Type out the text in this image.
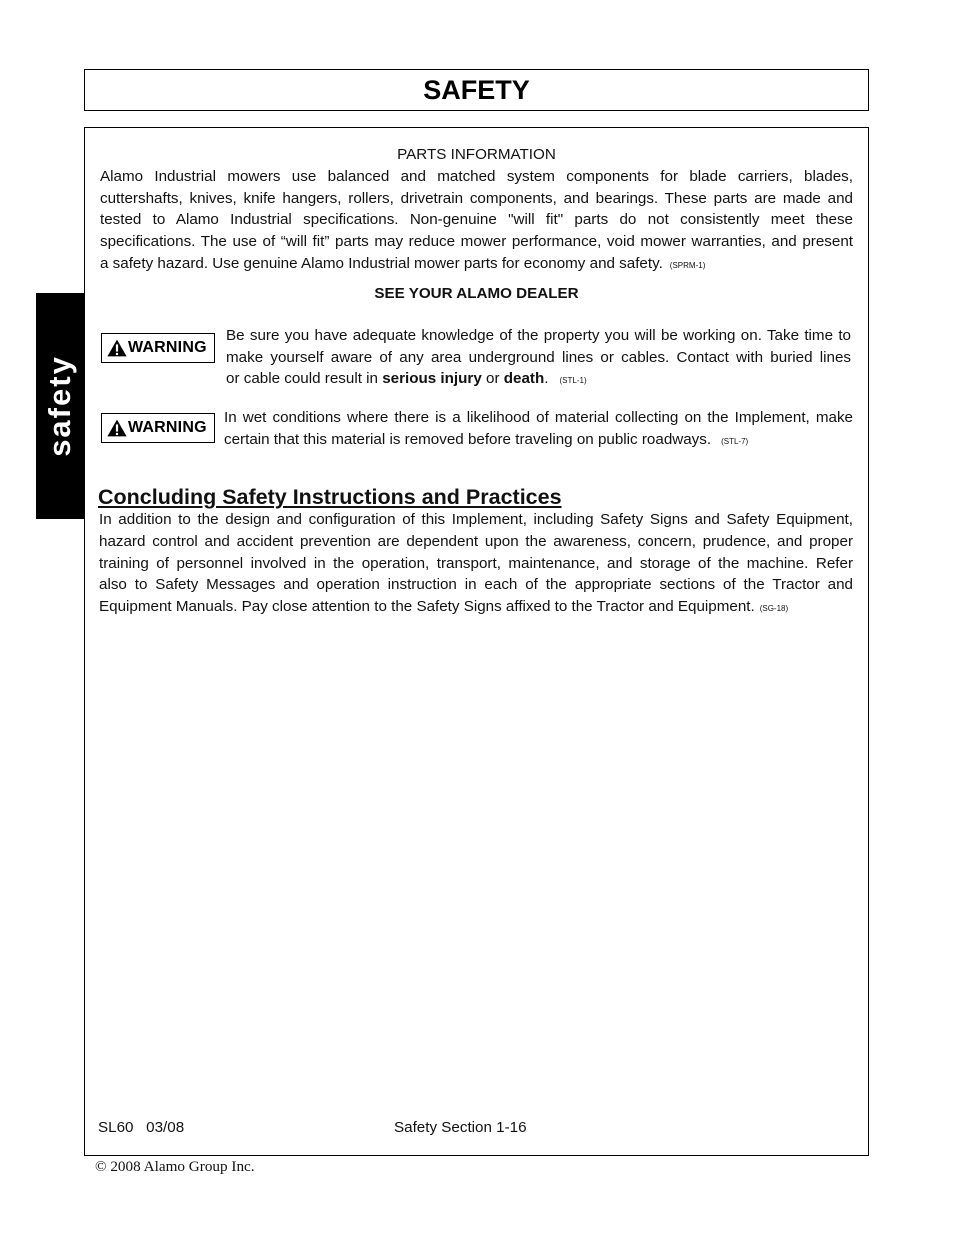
SAFETY
safety
PARTS INFORMATION
Alamo Industrial mowers use balanced and matched system components for blade carriers, blades,
cuttershafts, knives, knife hangers, rollers, drivetrain components, and bearings. These parts are made and
tested to Alamo Industrial specifications. Non-genuine "will fit" parts do not consistently meet these
specifications. The use of “will fit” parts may reduce mower performance, void mower warranties, and present
a safety hazard. Use genuine Alamo Industrial mower parts for economy and safety. (SPRM-1)
SEE YOUR ALAMO DEALER
WARNING
Be sure you have adequate knowledge of the property you will be working on. Take time to
make yourself aware of any area underground lines or cables. Contact with buried lines
or cable could result in serious injury or death. (STL-1)
WARNING
In wet conditions where there is a likelihood of material collecting on the Implement, make
certain that this material is removed before traveling on public roadways. (STL-7)
Concluding Safety Instructions and Practices
In addition to the design and configuration of this Implement, including Safety Signs and Safety Equipment,
hazard control and accident prevention are dependent upon the awareness, concern, prudence, and proper
training of personnel involved in the operation, transport, maintenance, and storage of the machine. Refer
also to Safety Messages and operation instruction in each of the appropriate sections of the Tractor and
Equipment Manuals. Pay close attention to the Safety Signs affixed to the Tractor and Equipment. (SG-18)
SL60   03/08	Safety Section 1-16
© 2008 Alamo Group Inc.
